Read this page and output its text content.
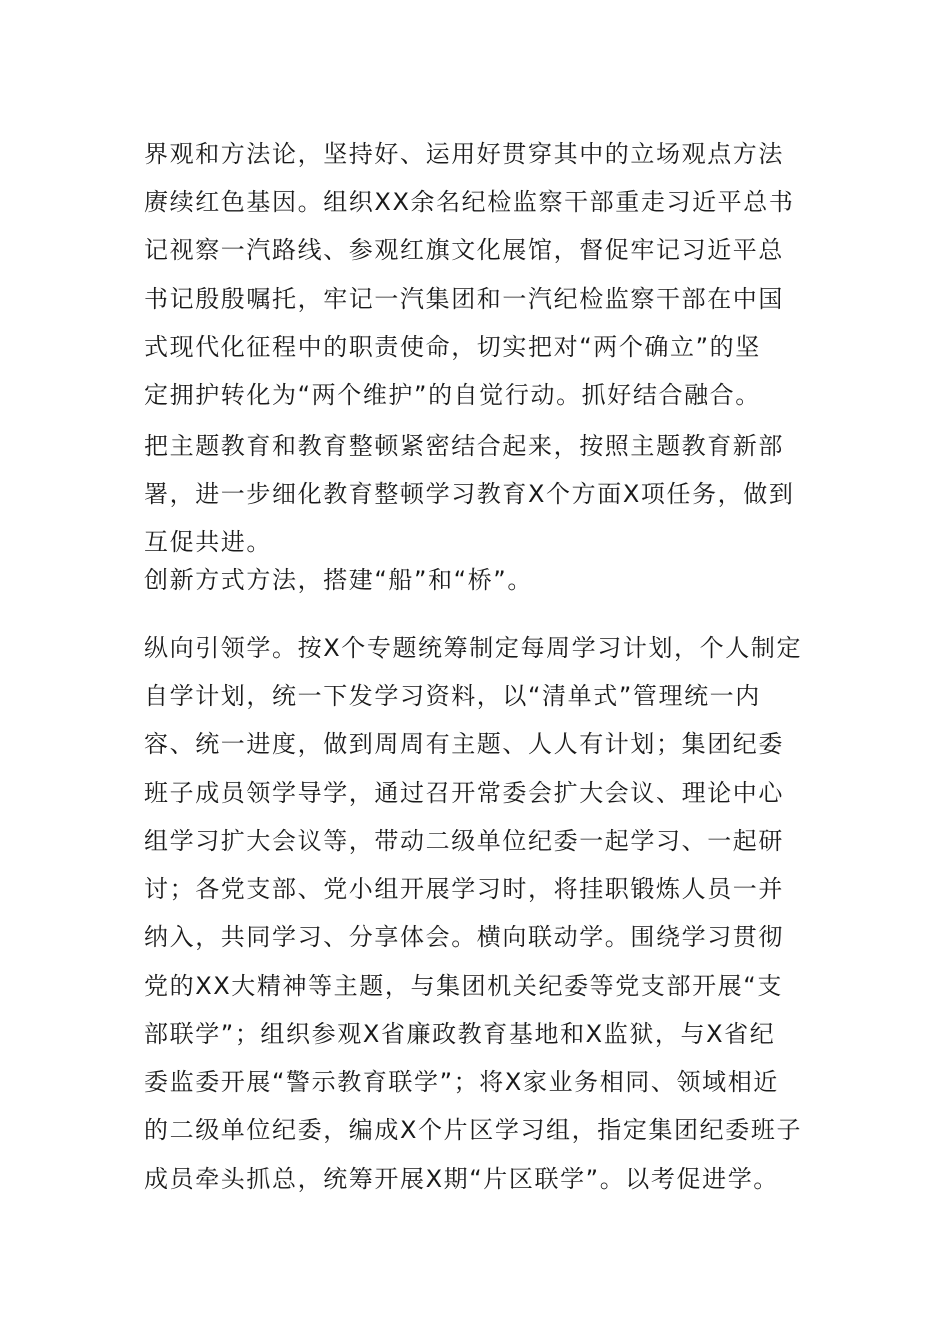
界观和方法论，坚持好、运用好贯穿其中的立场观点方法
赓续红色基因。组织XX余名纪检监察干部重走习近平总书
记视察一汽路线、参观红旗文化展馆，督促牢记习近平总
书记殷殷嘱托，牢记一汽集团和一汽纪检监察干部在中国
式现代化征程中的职责使命，切实把对“两个确立”的坚
定拥护转化为“两个维护”的自觉行动。抓好结合融合。
把主题教育和教育整顿紧密结合起来，按照主题教育新部
署，进一步细化教育整顿学习教育X个方面X项任务，做到
互促共进。
创新方式方法，搭建“船”和“桥”。
纵向引领学。按X个专题统筹制定每周学习计划，个人制定
自学计划，统一下发学习资料，以“清单式”管理统一内
容、统一进度，做到周周有主题、人人有计划；集团纪委
班子成员领学导学，通过召开常委会扩大会议、理论中心
组学习扩大会议等，带动二级单位纪委一起学习、一起研
讨；各党支部、党小组开展学习时，将挂职锻炼人员一并
纳入，共同学习、分享体会。横向联动学。围绕学习贯彻
党的XX大精神等主题，与集团机关纪委等党支部开展“支
部联学”；组织参观X省廉政教育基地和X监狱，与X省纪
委监委开展“警示教育联学”；将X家业务相同、领域相近
的二级单位纪委，编成X个片区学习组，指定集团纪委班子
成员牵头抓总，统筹开展X期“片区联学”。以考促进学。
